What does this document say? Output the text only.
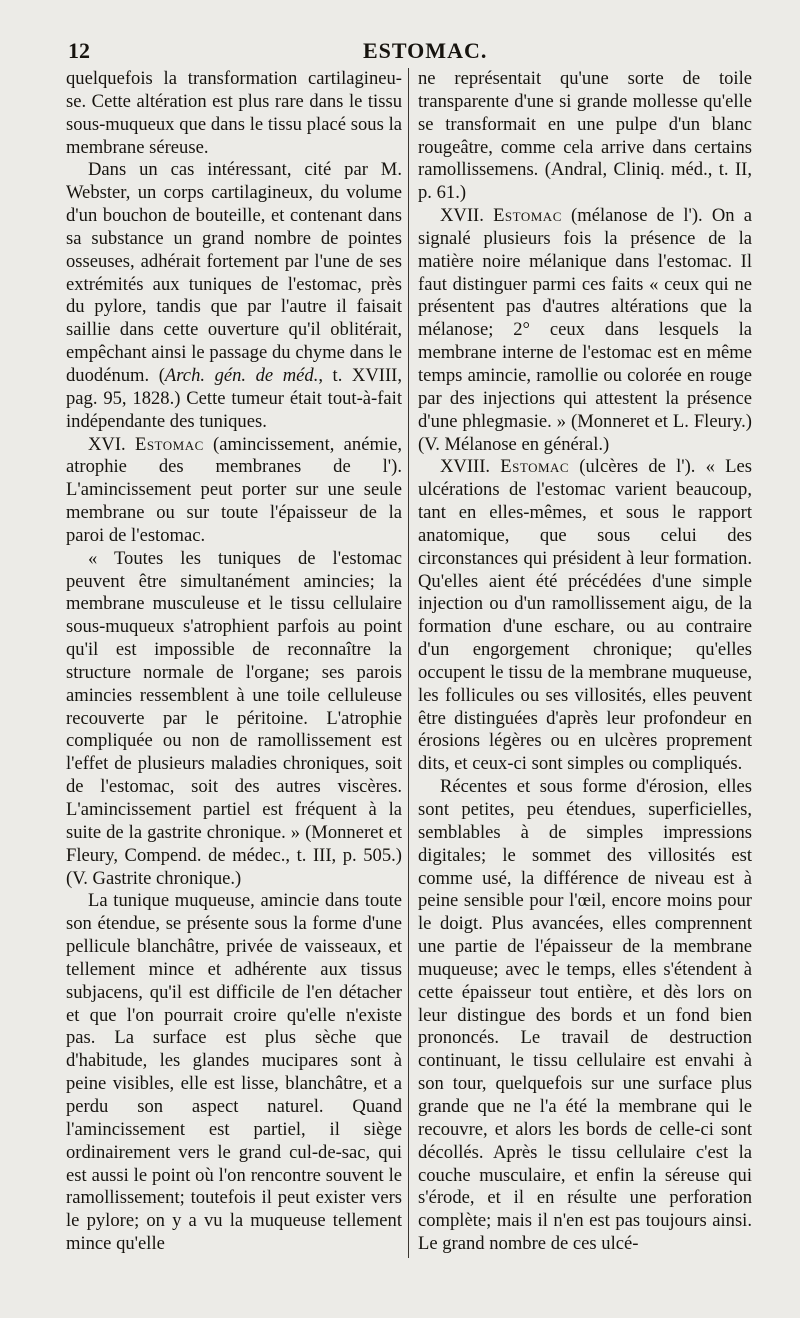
12	ESTOMAC.

quelquefois la transformation cartilagineu-se. Cette altération est plus rare dans le tissu sous-muqueux que dans le tissu placé sous la membrane séreuse.

Dans un cas intéressant, cité par M. Webster, un corps cartilagineux, du volume d'un bouchon de bouteille, et contenant dans sa substance un grand nombre de pointes osseuses, adhérait fortement par l'une de ses extrémités aux tuniques de l'estomac, près du pylore, tandis que par l'autre il faisait saillie dans cette ouverture qu'il oblitérait, empêchant ainsi le passage du chyme dans le duodénum. (Arch. gén. de méd., t. XVIII, pag. 95, 1828.) Cette tumeur était tout-à-fait indépendante des tuniques.

XVI. Estomac (amincissement, anémie, atrophie des membranes de l'). L'amincissement peut porter sur une seule membrane ou sur toute l'épaisseur de la paroi de l'estomac.

« Toutes les tuniques de l'estomac peuvent être simultanément amincies; la membrane musculeuse et le tissu cellulaire sous-muqueux s'atrophient parfois au point qu'il est impossible de reconnaître la structure normale de l'organe; ses parois amincies ressemblent à une toile celluleuse recouverte par le péritoine. L'atrophie compliquée ou non de ramollissement est l'effet de plusieurs maladies chroniques, soit de l'estomac, soit des autres viscères. L'amincissement partiel est fréquent à la suite de la gastrite chronique. » (Monneret et Fleury, Compend. de médec., t. III, p. 505.) (V. Gastrite chronique.)

La tunique muqueuse, amincie dans toute son étendue, se présente sous la forme d'une pellicule blanchâtre, privée de vaisseaux, et tellement mince et adhérente aux tissus subjacens, qu'il est difficile de l'en détacher et que l'on pourrait croire qu'elle n'existe pas. La surface est plus sèche que d'habitude, les glandes mucipares sont à peine visibles, elle est lisse, blanchâtre, et a perdu son aspect naturel. Quand l'amincissement est partiel, il siège ordinairement vers le grand cul-de-sac, qui est aussi le point où l'on rencontre souvent le ramollissement; toutefois il peut exister vers le pylore; on y a vu la muqueuse tellement mince qu'elle

ne représentait qu'une sorte de toile transparente d'une si grande mollesse qu'elle se transformait en une pulpe d'un blanc rougeâtre, comme cela arrive dans certains ramollissemens. (Andral, Cliniq. méd., t. II, p. 61.)

XVII. Estomac (mélanose de l'). On a signalé plusieurs fois la présence de la matière noire mélanique dans l'estomac. Il faut distinguer parmi ces faits « ceux qui ne présentent pas d'autres altérations que la mélanose; 2° ceux dans lesquels la membrane interne de l'estomac est en même temps amincie, ramollie ou colorée en rouge par des injections qui attestent la présence d'une phlegmasie. » (Monneret et L. Fleury.) (V. Mélanose en général.)

XVIII. Estomac (ulcères de l'). « Les ulcérations de l'estomac varient beaucoup, tant en elles-mêmes, et sous le rapport anatomique, que sous celui des circonstances qui président à leur formation. Qu'elles aient été précédées d'une simple injection ou d'un ramollissement aigu, de la formation d'une eschare, ou au contraire d'un engorgement chronique; qu'elles occupent le tissu de la membrane muqueuse, les follicules ou ses villosités, elles peuvent être distinguées d'après leur profondeur en érosions légères ou en ulcères proprement dits, et ceux-ci sont simples ou compliqués.

Récentes et sous forme d'érosion, elles sont petites, peu étendues, superficielles, semblables à de simples impressions digitales; le sommet des villosités est comme usé, la différence de niveau est à peine sensible pour l'œil, encore moins pour le doigt. Plus avancées, elles comprennent une partie de l'épaisseur de la membrane muqueuse; avec le temps, elles s'étendent à cette épaisseur tout entière, et dès lors on leur distingue des bords et un fond bien prononcés. Le travail de destruction continuant, le tissu cellulaire est envahi à son tour, quelquefois sur une surface plus grande que ne l'a été la membrane qui le recouvre, et alors les bords de celle-ci sont décollés. Après le tissu cellulaire c'est la couche musculaire, et enfin la séreuse qui s'érode, et il en résulte une perforation complète; mais il n'en est pas toujours ainsi. Le grand nombre de ces ulcé-
